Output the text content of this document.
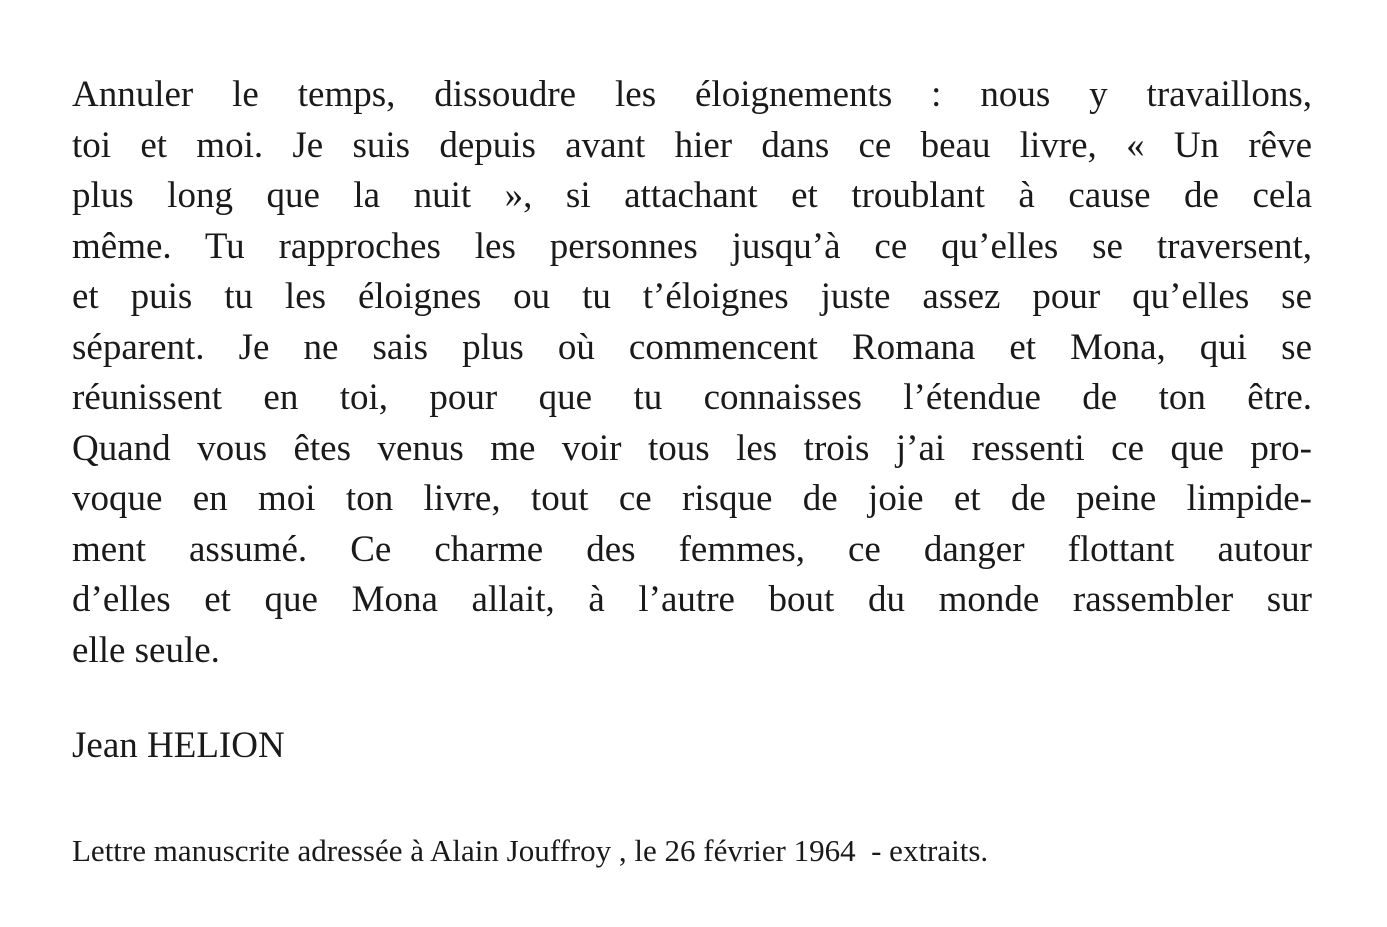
Annuler le temps, dissoudre les éloignements : nous y travaillons,
toi et moi. Je suis depuis avant hier dans ce beau livre, « Un rêve
plus long que la nuit », si attachant et troublant à cause de cela
même. Tu rapproches les personnes jusqu’à ce qu’elles se traversent,
et puis tu les éloignes ou tu t’éloignes juste assez pour qu’elles se
séparent. Je ne sais plus où commencent Romana et Mona, qui se
réunissent en toi, pour que tu connaisses l’étendue de ton être.
Quand vous êtes venus me voir tous les trois j’ai ressenti ce que pro-
voque en moi ton livre, tout ce risque de joie et de peine limpide-
ment assumé. Ce charme des femmes, ce danger flottant autour
d’elles et que Mona allait, à l’autre bout du monde rassembler sur
elle seule.
Jean HELION
Lettre manuscrite adressée à Alain Jouffroy , le 26 février 1964  - extraits.
